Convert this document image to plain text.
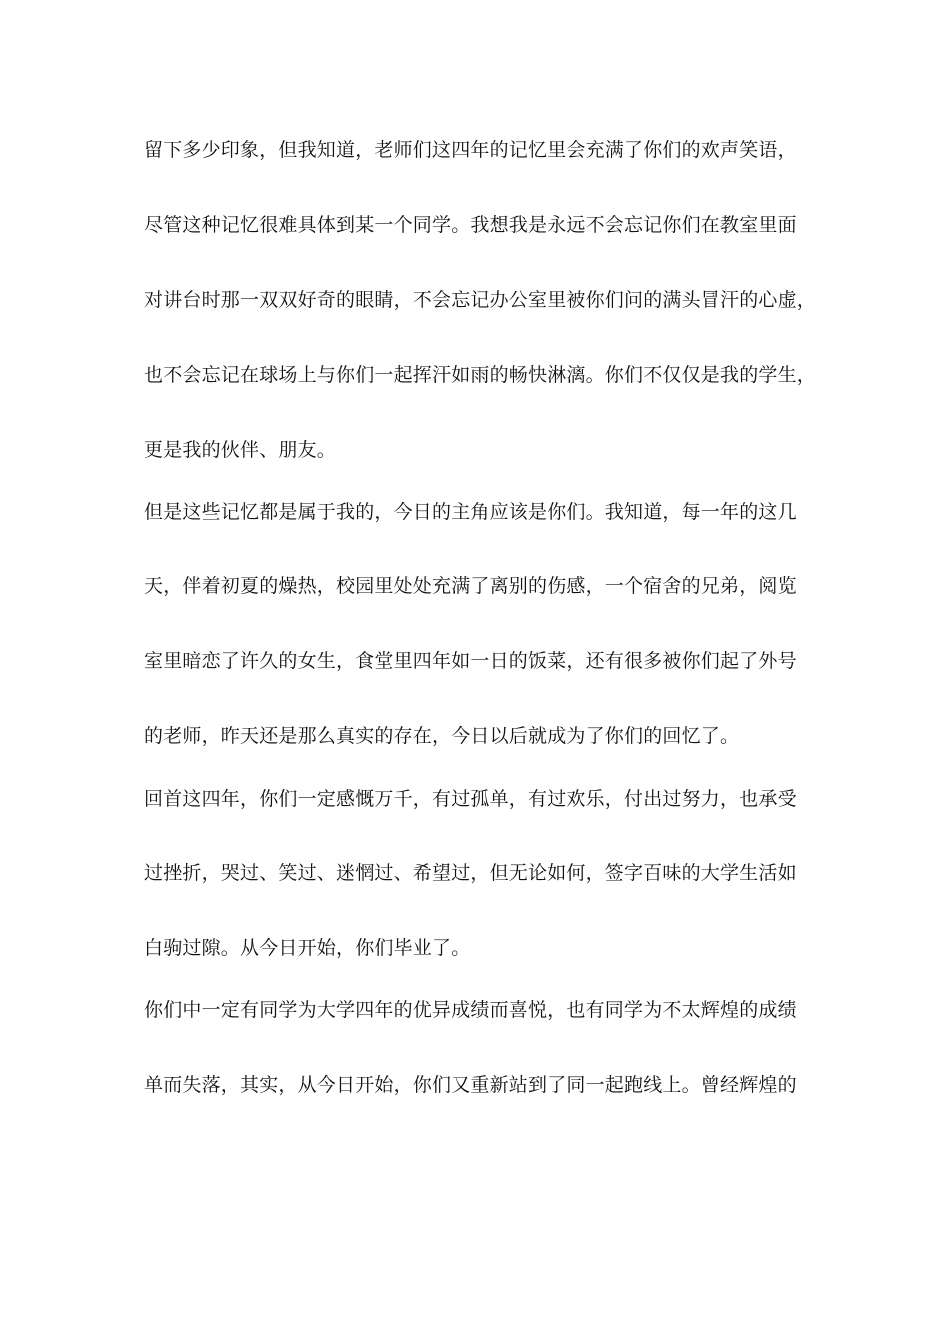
留下多少印象，但我知道，老师们这四年的记忆里会充满了你们的欢声笑语，
尽管这种记忆很难具体到某一个同学。我想我是永远不会忘记你们在教室里面
对讲台时那一双双好奇的眼睛，不会忘记办公室里被你们问的满头冒汗的心虚，
也不会忘记在球场上与你们一起挥汗如雨的畅快淋漓。你们不仅仅是我的学生，
更是我的伙伴、朋友。
但是这些记忆都是属于我的，今日的主角应该是你们。我知道，每一年的这几
天，伴着初夏的燥热，校园里处处充满了离别的伤感，一个宿舍的兄弟，阅览
室里暗恋了许久的女生，食堂里四年如一日的饭菜，还有很多被你们起了外号
的老师，昨天还是那么真实的存在，今日以后就成为了你们的回忆了。
回首这四年，你们一定感慨万千，有过孤单，有过欢乐，付出过努力，也承受
过挫折，哭过、笑过、迷惘过、希望过，但无论如何，签字百味的大学生活如
白驹过隙。从今日开始，你们毕业了。
你们中一定有同学为大学四年的优异成绩而喜悦，也有同学为不太辉煌的成绩
单而失落，其实，从今日开始，你们又重新站到了同一起跑线上。曾经辉煌的
